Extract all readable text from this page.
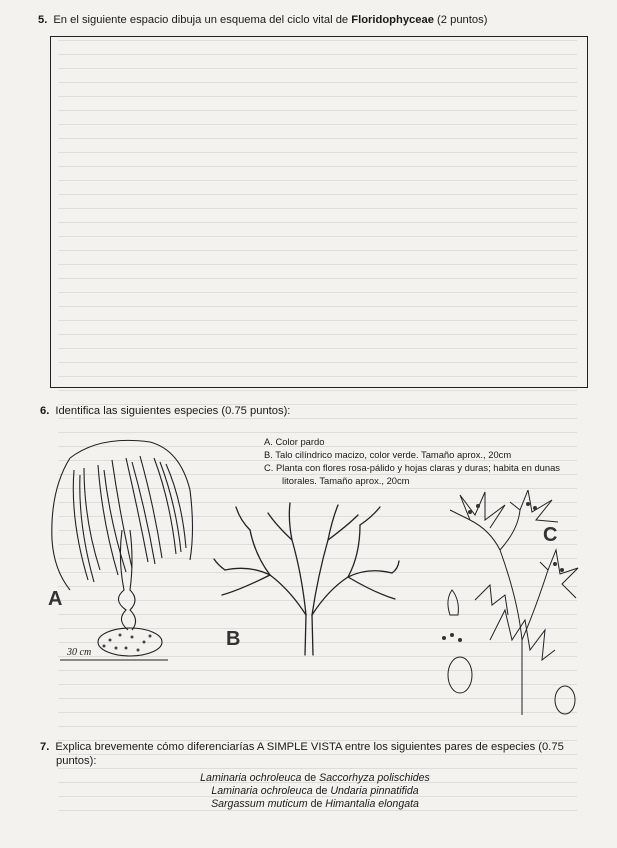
5. En el siguiente espacio dibuja un esquema del ciclo vital de Floridophyceae (2 puntos)
6. Identifica las siguientes especies (0.75 puntos):
A. Color pardo
B. Talo cilíndrico macizo, color verde. Tamaño aprox., 20cm
C. Planta con flores rosa-pálido y hojas claras y duras; habita en dunas litorales. Tamaño aprox., 20cm
A
30 cm
B
C
7. Explica brevemente cómo diferenciarías A SIMPLE VISTA entre los siguientes pares de especies (0.75
puntos):
Laminaria ochroleuca de Saccorhyza polischides
Laminaria ochroleuca de Undaria pinnatifida
Sargassum muticum de Himantalia elongata
